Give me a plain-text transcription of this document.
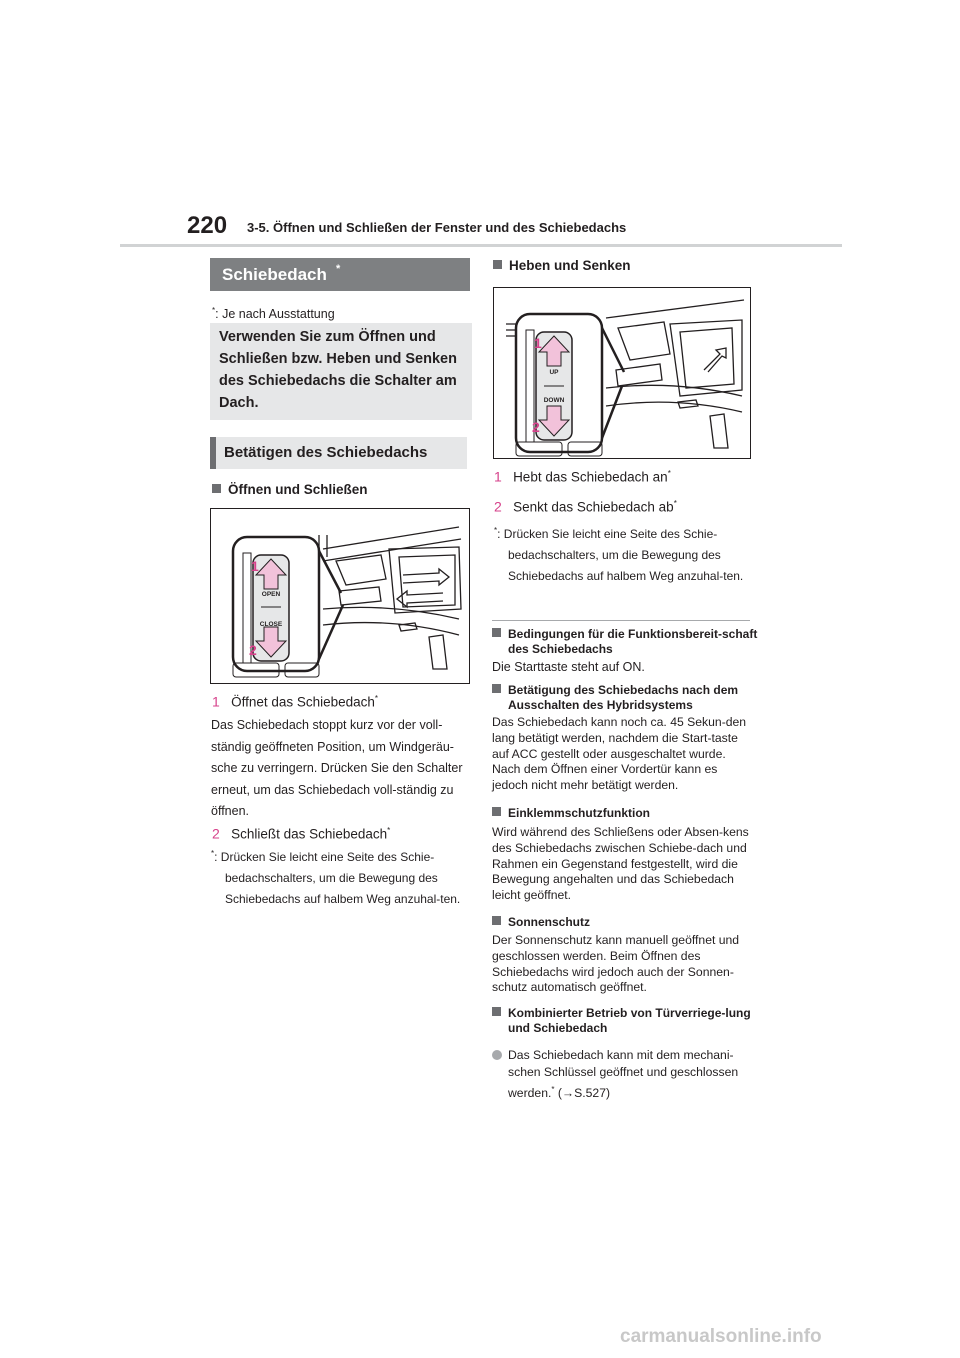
220 3-5. Öffnen und Schließen der Fenster und des Schiebedachs
Schiebedach *
*: Je nach Ausstattung
Verwenden Sie zum Öffnen und Schließen bzw. Heben und Senken des Schiebedachs die Schalter am Dach.
Betätigen des Schiebedachs
Öffnen und Schließen
OPEN
CLOSE
1
2
1 Öffnet das Schiebedach*
Das Schiebedach stoppt kurz vor der voll-ständig geöffneten Position, um Windgeräu-sche zu verringern. Drücken Sie den Schalter erneut, um das Schiebedach voll-ständig zu öffnen.
2 Schließt das Schiebedach*
*: Drücken Sie leicht eine Seite des Schie-bedachschalters, um die Bewegung des Schiebedachs auf halbem Weg anzuhal-ten.
Heben und Senken
UP
DOWN
1
2
1 Hebt das Schiebedach an*
2 Senkt das Schiebedach ab*
*: Drücken Sie leicht eine Seite des Schie-bedachschalters, um die Bewegung des Schiebedachs auf halbem Weg anzuhal-ten.
Bedingungen für die Funktionsbereit-schaft des Schiebedachs
Die Starttaste steht auf ON.
Betätigung des Schiebedachs nach dem Ausschalten des Hybridsystems
Das Schiebedach kann noch ca. 45 Sekun-den lang betätigt werden, nachdem die Start-taste auf ACC gestellt oder ausgeschaltet wurde. Nach dem Öffnen einer Vordertür kann es jedoch nicht mehr betätigt werden.
Einklemmschutzfunktion
Wird während des Schließens oder Absen-kens des Schiebedachs zwischen Schiebe-dach und Rahmen ein Gegenstand festgestellt, wird die Bewegung angehalten und das Schiebedach leicht geöffnet.
Sonnenschutz
Der Sonnenschutz kann manuell geöffnet und geschlossen werden. Beim Öffnen des Schiebedachs wird jedoch auch der Sonnen-schutz automatisch geöffnet.
Kombinierter Betrieb von Türverriege-lung und Schiebedach
Das Schiebedach kann mit dem mechani-schen Schlüssel geöffnet und geschlossen werden.* (→S.527)
carmanualsonline.info
